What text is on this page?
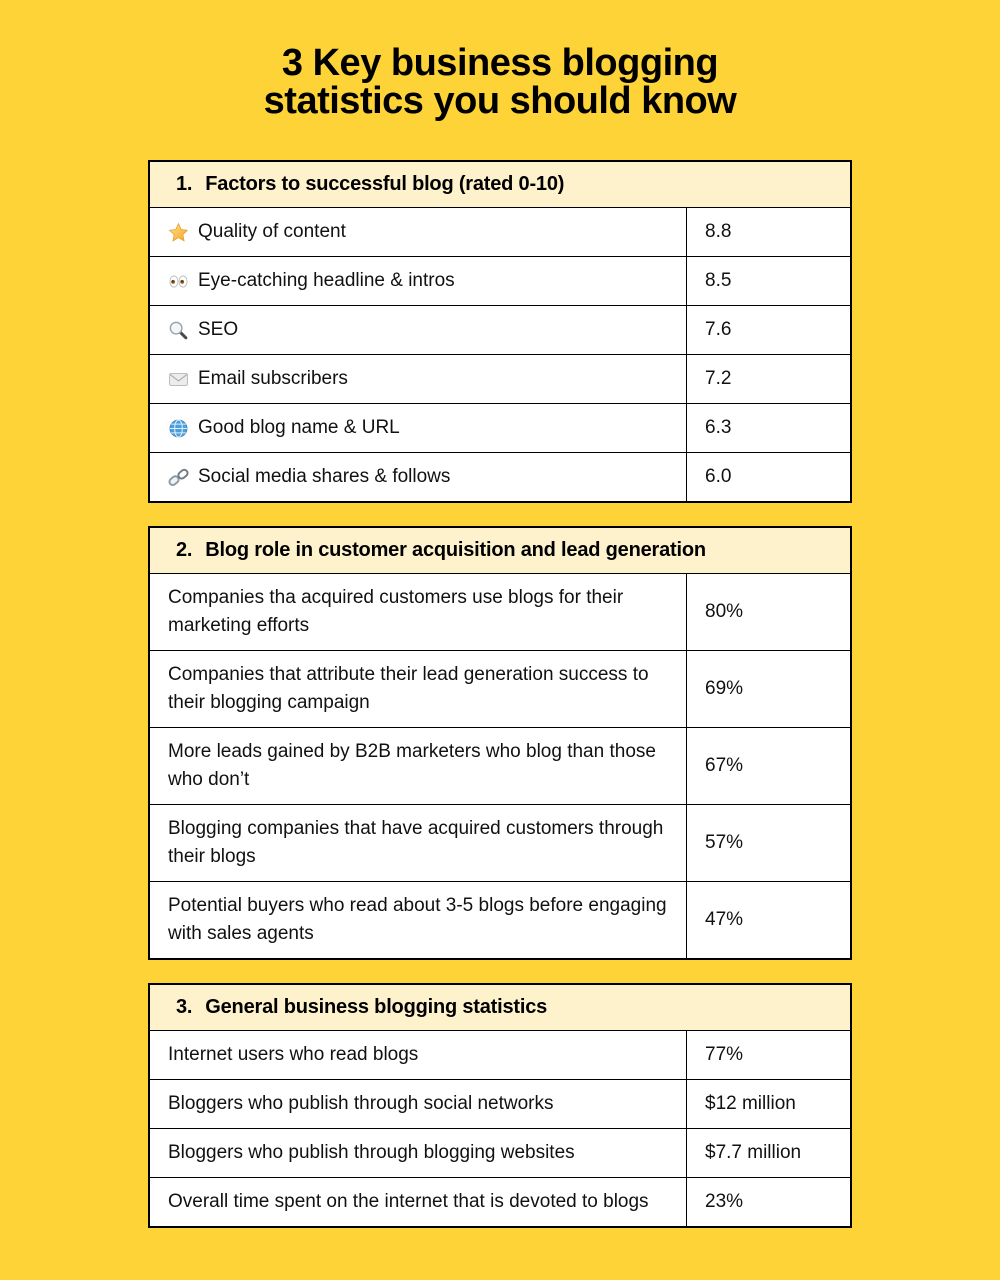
3 Key business blogging
statistics you should know
1. Factors to successful blog (rated 0-10)
Quality of content	8.8
Eye-catching headline & intros	8.5
SEO	7.6
Email subscribers	7.2
Good blog name & URL	6.3
Social media shares & follows	6.0
2. Blog role in customer acquisition and lead generation
Companies tha acquired customers use blogs for their marketing efforts
80%
Companies that attribute their lead generation success to their blogging campaign
69%
More leads gained by B2B marketers who blog than those who don’t
67%
Blogging companies that have acquired customers through their blogs
57%
Potential buyers who read about 3-5 blogs before engaging with sales agents
47%
3. General business blogging statistics
Internet users who read blogs	77%
Bloggers who publish through social networks	$12 million
Bloggers who publish through blogging websites	$7.7 million
Overall time spent on the internet that is devoted to blogs	23%
